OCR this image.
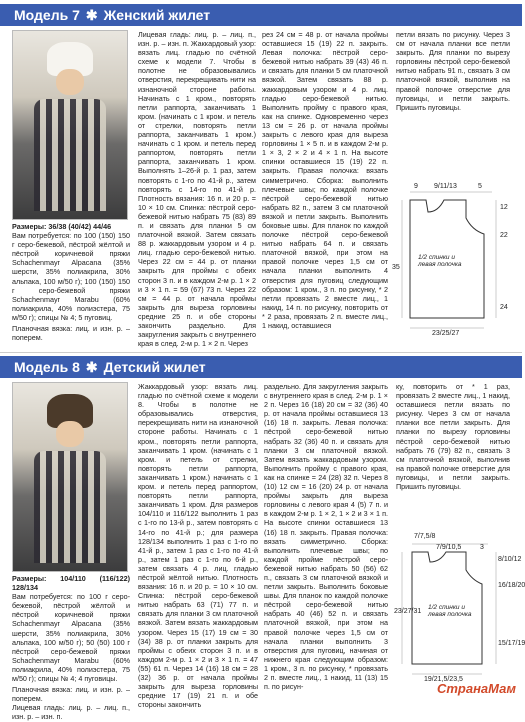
Модель 7 ✱ Женский жилет
Размеры: 36/38 (40/42) 44/46
Вам потребуется: по 100 (150) 150 г серо-бежевой, пёстрой жёлтой и пёстрой коричневой пряжи Schachenmayr Alpacana (35% шерсти, 35% полиакрила, 30% альпака, 100 м/50 г); 100 (150) 150 г серо-бежевой пряжи Schachenmayr Marabu (60% полиакрила, 40% полиэстера, 75 м/50 г); спицы № 4; 5 пуговиц.
Планочная вязка: лиц. и изн. р. – поперем.
Лицевая гладь: лиц. р. – лиц. п., изн. р. – изн. п. Жаккардовый узор: вязать лиц. гладью по счётной схеме к модели 7. Чтобы в полотне не образовывались отверстия, перекрещивать нити на изнаночной стороне работы. Начинать с 1 кром., повторять петли раппорта, заканчивать 1 кром. (начинать с 1 кром. и петель от стрелки, повторять петли раппорта, заканчивать 1 кром.) начинать с 1 кром. и петель перед раппортом, повторять петли раппорта, заканчивать 1 кром. Выполнять 1–26-й р. 1 раз, затем повторять с 1-го по 41-й р., затем повторять с 14-го по 41-й р. Плотность вязания: 16 п. и 20 р. = 10 × 10 см. Спинка: пёстрой серо-бежевой нитью набрать 75 (83) 89 п. и связать для планки 5 см платочной вязкой. Затем связать 88 р. жаккардовым узором и 4 р. лиц. гладью серо-бежевой нитью. Через 22 см = 44 р. от планки закрыть для проймы с обеих сторон 3 п. и в каждом 2-м р. 1 × 2 и 3 × 1 п. = 59 (67) 73 п. Через 22 см = 44 р. от начала проймы закрыть для выреза горловины средние 25 п. и обе стороны закончить раздельно. Для закругления закрыть с внутреннего края в след. 2-м р. 1 × 2 п. Через
рез 24 см = 48 р. от начала проймы оставшиеся 15 (19) 22 п. закрыть. Левая полочка: пёстрой серо-бежевой нитью набрать 39 (43) 46 п. и связать для планки 5 см платочной вязкой. Затем связать 88 р. жаккардовым узором и 4 р. лиц. гладью серо-бежевой нитью. Выполнить пройму с правого края, как на спинке. Одновременно через 13 см = 26 р. от начала проймы закрыть с левого края для выреза горловины 1 × 5 п. и в каждом 2-м р. 1 × 3, 2 × 2 и 4 × 1 п. На высоте спинки оставшиеся 15 (19) 22 п. закрыть. Правая полочка: вязать симметрично. Сборка: выполнить плечевые швы; по каждой полочке пёстрой серо-бежевой нитью набрать 82 п., затем 3 см платочной вязкой и петли закрыть. Выполнить боковые швы. Для планок по каждой полочке пёстрой серо-бежевой нитью набрать 64 п. и связать платочной вязкой, при этом на правой полочке через 1,5 см от начала планки выполнить 4 отверстия для пуговиц следующим образом: 1 кром., 3 п. по рисунку, * 2 петли провязать 2 вместе лиц., 1 накид, 14 п. по рисунку, повторить от * 2 раза, провязать 2 п. вместе лиц., 1 накид, оставшиеся
петли вязать по рисунку. Через 3 см от начала планки все петли закрыть. Для планки по вырезу горловины пёстрой серо-бежевой нитью набрать 91 п., связать 3 см платочной вязкой, выполнив на правой полочке отверстие для пуговицы, и петли закрыть. Пришить пуговицы.
9 9/11/13	5
12
22
24
35
23/25/27
1/2 спинки и левая полочка
Модель 8 ✱ Детский жилет
Размеры: 104/110 (116/122) 128/134
Вам потребуется: по 100 г серо-бежевой, пёстрой жёлтой и пёстрой коричневой пряжи Schachenmayr Alpacana (35% шерсти, 35% полиакрила, 30% альпака, 100 м/50 г); 50 (50) 100 г пёстрой серо-бежевой пряжи Schachenmayr Marabu (60% полиакрила, 40% полиэстера, 75 м/50 г); спицы № 4; 4 пуговицы.
Планочная вязка: лиц. и изн. р. – поперем.
Лицевая гладь: лиц. р. – лиц. п., изн. р. – изн. п.
Жаккардовый узор: вязать лиц. гладью по счётной схеме к модели 8. Чтобы в полотне не образовывались отверстия, перекрещивать нити на изнаночной стороне работы. Начинать с 1 кром., повторять петли раппорта, заканчивать 1 кром. (начинать с 1 кром. и петель от стрелки, повторять петли раппорта, заканчивать 1 кром.) начинать с 1 кром. и петель перед раппортом, повторять петли раппорта, заканчивать 1 кром. Для размеров 104/110 и 116/122 выполнить 1 раз с 1-го по 13-й р., затем повторять с 14-го по 41-й р.; для размера 128/134 выполнить 1 раз с 1-го по 41-й р., затем 1 раз с 1-го по 41-й р., затем 1 раз с 1-го по 6-й р., затем связать 4 р. лиц. гладью пёстрой жёлтой нитью. Плотность вязания: 16 п. и 20 р. = 10 × 10 см. Спинка: пёстрой серо-бежевой нитью набрать 63 (71) 77 п. и связать для планки 3 см платочной вязкой. Затем вязать жаккардовым узором. Через 15 (17) 19 см = 30 (34) 38 р. от планки закрыть для проймы с обеих сторон 3 п. и в каждом 2-м р. 1 × 2 и 3 × 1 п. = 47 (55) 61 п. Через 14 (16) 18 см = 28 (32) 36 р. от начала проймы закрыть для выреза горловины средние 17 (19) 21 п. и обе стороны закончить
раздельно. Для закругления закрыть с внутреннего края в след. 2-м р. 1 × 2 п. Через 16 (18) 20 см = 32 (36) 40 р. от начала проймы оставшиеся 13 (16) 18 п. закрыть. Левая полочка: пёстрой серо-бежевой нитью набрать 32 (36) 40 п. и связать для планки 3 см платочной вязкой. Затем вязать жаккардовым узором. Выполнить пройму с правого края, как на спинке = 24 (28) 32 п. Через 8 (10) 12 см = 16 (20) 24 р. от начала проймы закрыть для выреза горловины с левого края 4 (5) 7 п. и в каждом 2-м р. 1 × 2, 1 × 2 и 3 × 1 п. На высоте спинки оставшиеся 13 (16) 18 п. закрыть. Правая полочка: вязать симметрично. Сборка: выполнить плечевые швы; по каждой пройме пёстрой серо-бежевой нитью набрать 50 (56) 62 п., связать 3 см платочной вязкой и петли закрыть. Выполнить боковые швы. Для планок по каждой полочке пёстрой серо-бежевой нитью набрать 40 (46) 52 п. и связать платочной вязкой, при этом на правой полочке через 1,5 см от начала планки выполнить 3 отверстия для пуговиц, начиная от нижнего края следующим образом: 1 кром., 3 п. по рисунку, * провязать 2 п. вместе лиц., 1 накид, 11 (13) 15 п. по рисун-
ку, повторить от * 1 раз, провязать 2 вместе лиц., 1 накид, оставшиеся петли вязать по рисунку. Через 3 см от начала планки все петли закрыть. Для планки по вырезу горловины пёстрой серо-бежевой нитью набрать 76 (79) 82 п., связать 3 см платочной вязкой, выполнив на правой полочке отверстие для пуговицы, и петли закрыть. Пришить пуговицы.
7/7,5/8
7/9/10,5	3
8/10/12
16/18/20
15/17/19
23/27/31
19/21,5/23,5
1/2 спинки и левая полочка
СтранаМам
